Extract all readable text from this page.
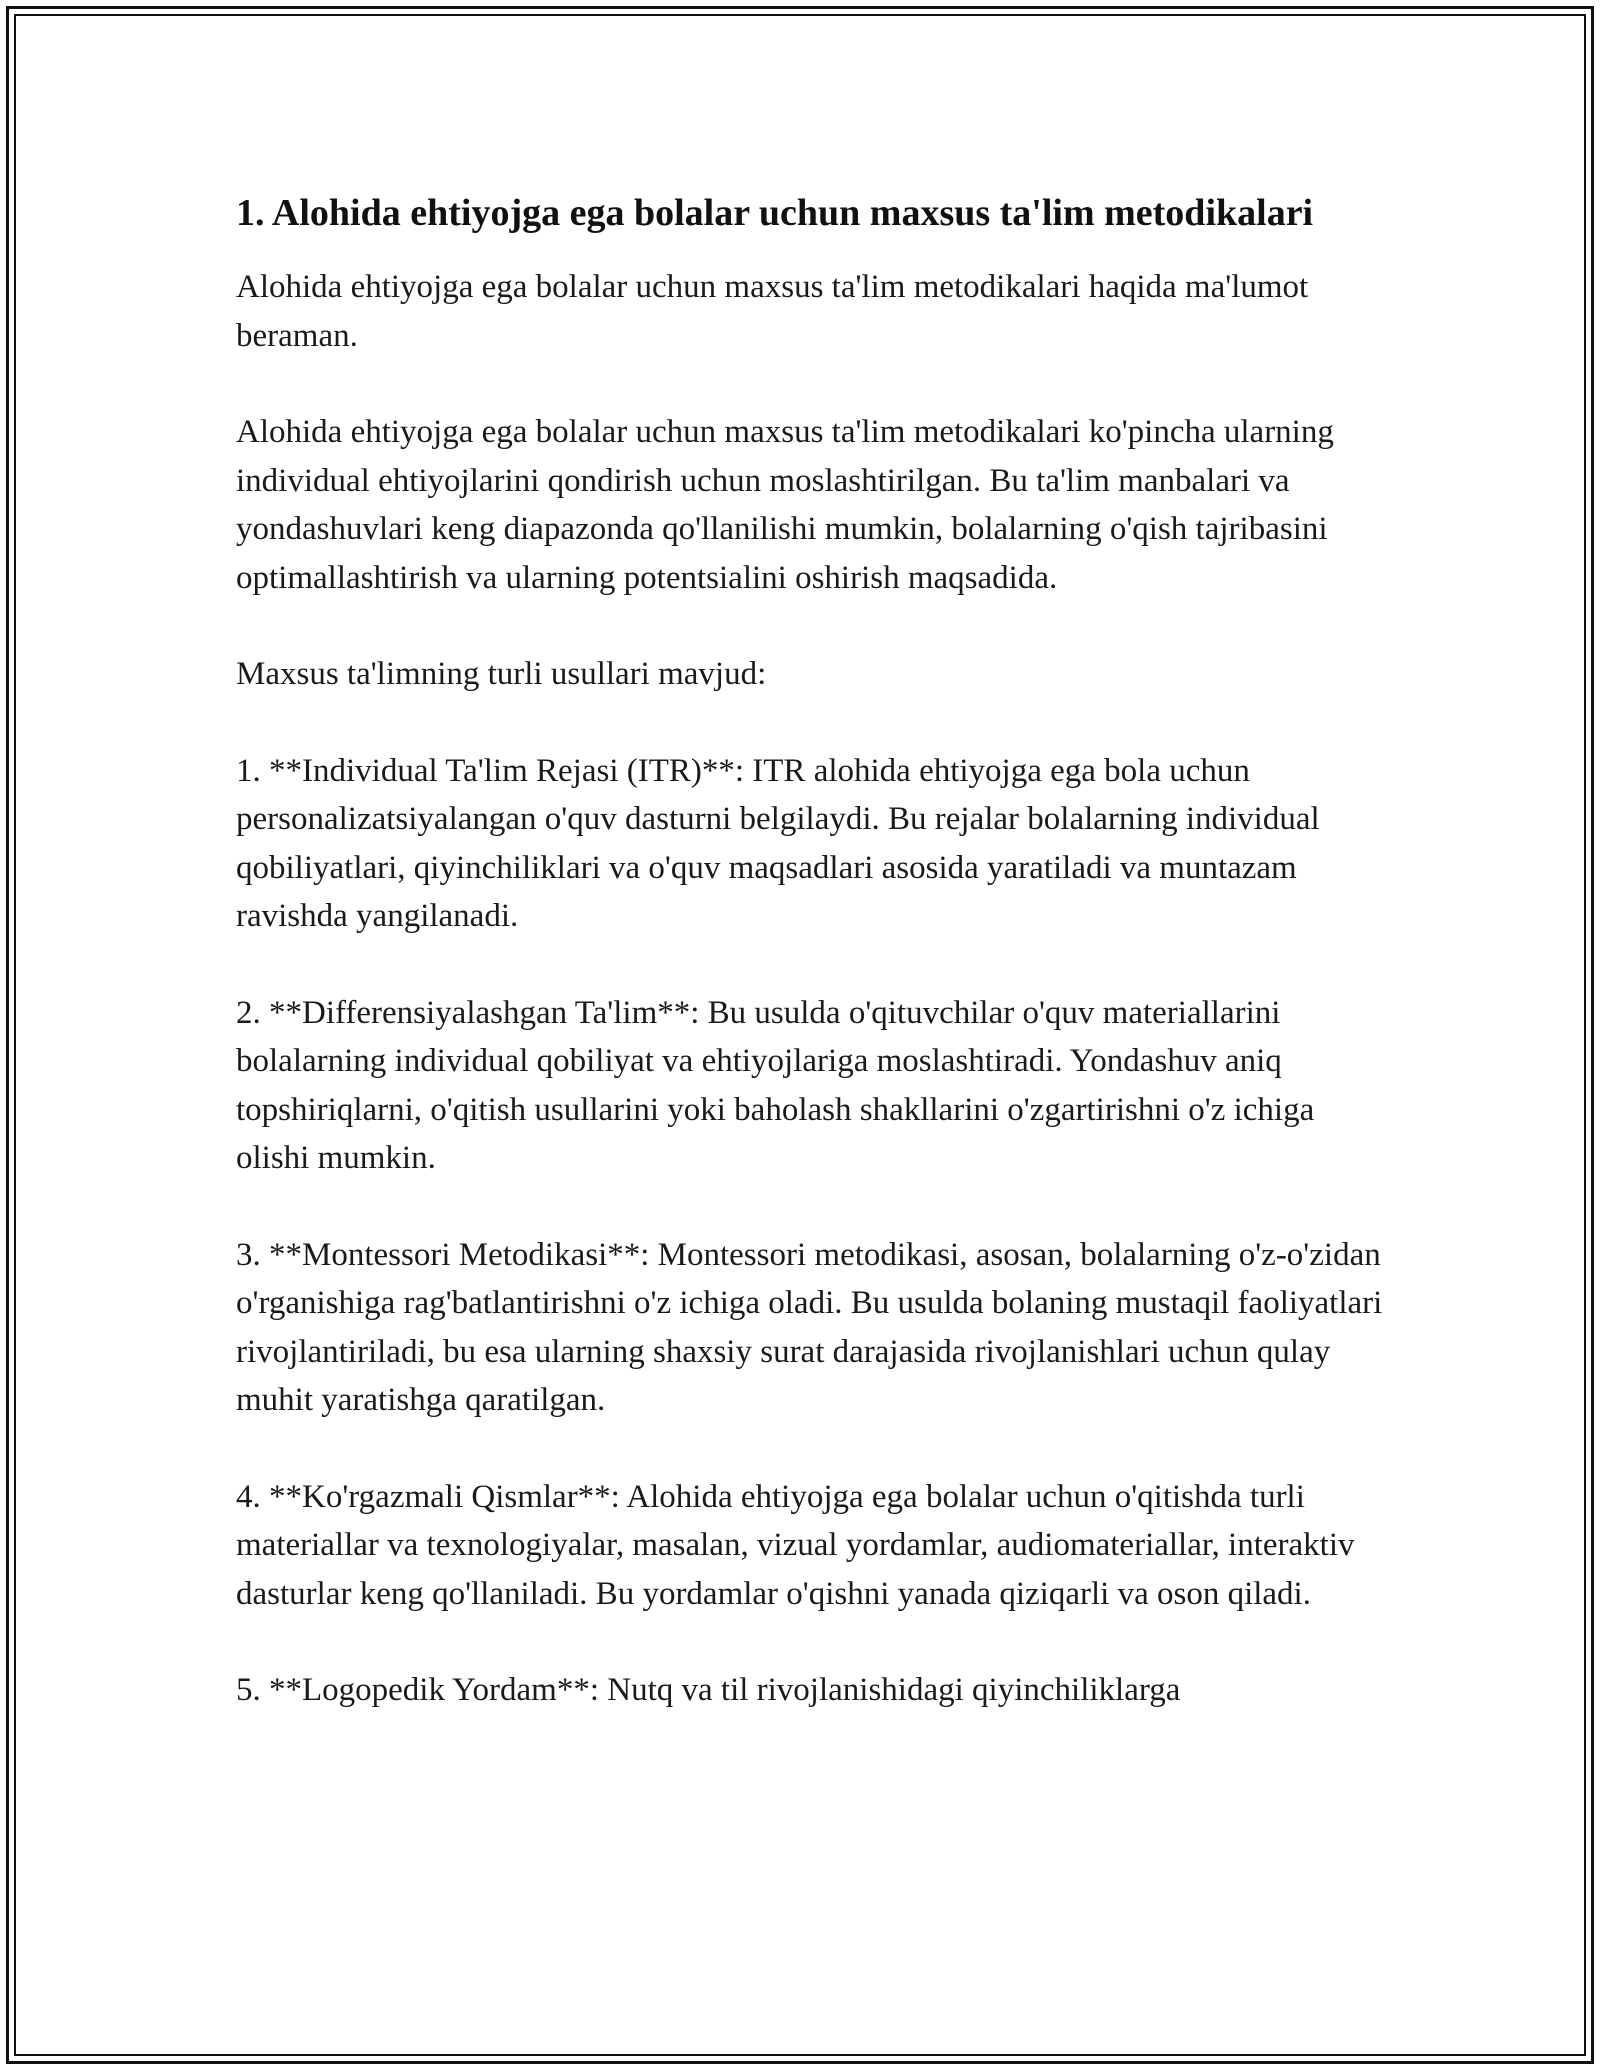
1. Alohida ehtiyojga ega bolalar uchun maxsus ta'lim metodikalari

Alohida ehtiyojga ega bolalar uchun maxsus ta'lim metodikalari haqida ma'lumot beraman.

Alohida ehtiyojga ega bolalar uchun maxsus ta'lim metodikalari ko'pincha ularning individual ehtiyojlarini qondirish uchun moslashtirilgan. Bu ta'lim manbalari va yondashuvlari keng diapazonda qo'llanilishi mumkin, bolalarning o'qish tajribasini optimallashtirish va ularning potentsialini oshirish maqsadida.

Maxsus ta'limning turli usullari mavjud:

1. **Individual Ta'lim Rejasi (ITR)**: ITR alohida ehtiyojga ega bola uchun personalizatsiyalangan o'quv dasturni belgilaydi. Bu rejalar bolalarning individual qobiliyatlari, qiyinchiliklari va o'quv maqsadlari asosida yaratiladi va muntazam ravishda yangilanadi.

2. **Differensiyalashgan Ta'lim**: Bu usulda o'qituvchilar o'quv materiallarini bolalarning individual qobiliyat va ehtiyojlariga moslashtiradi. Yondashuv aniq topshiriqlarni, o'qitish usullarini yoki baholash shakllarini o'zgartirishni o'z ichiga olishi mumkin.

3. **Montessori Metodikasi**: Montessori metodikasi, asosan, bolalarning o'z-o'zidan o'rganishiga rag'batlantirishni o'z ichiga oladi. Bu usulda bolaning mustaqil faoliyatlari rivojlantiriladi, bu esa ularning shaxsiy surat darajasida rivojlanishlari uchun qulay muhit yaratishga qaratilgan.

4. **Ko'rgazmali Qismlar**: Alohida ehtiyojga ega bolalar uchun o'qitishda turli materiallar va texnologiyalar, masalan, vizual yordamlar, audiomateriallar, interaktiv dasturlar keng qo'llaniladi. Bu yordamlar o'qishni yanada qiziqarli va oson qiladi.

5. **Logopedik Yordam**: Nutq va til rivojlanishidagi qiyinchiliklarga
